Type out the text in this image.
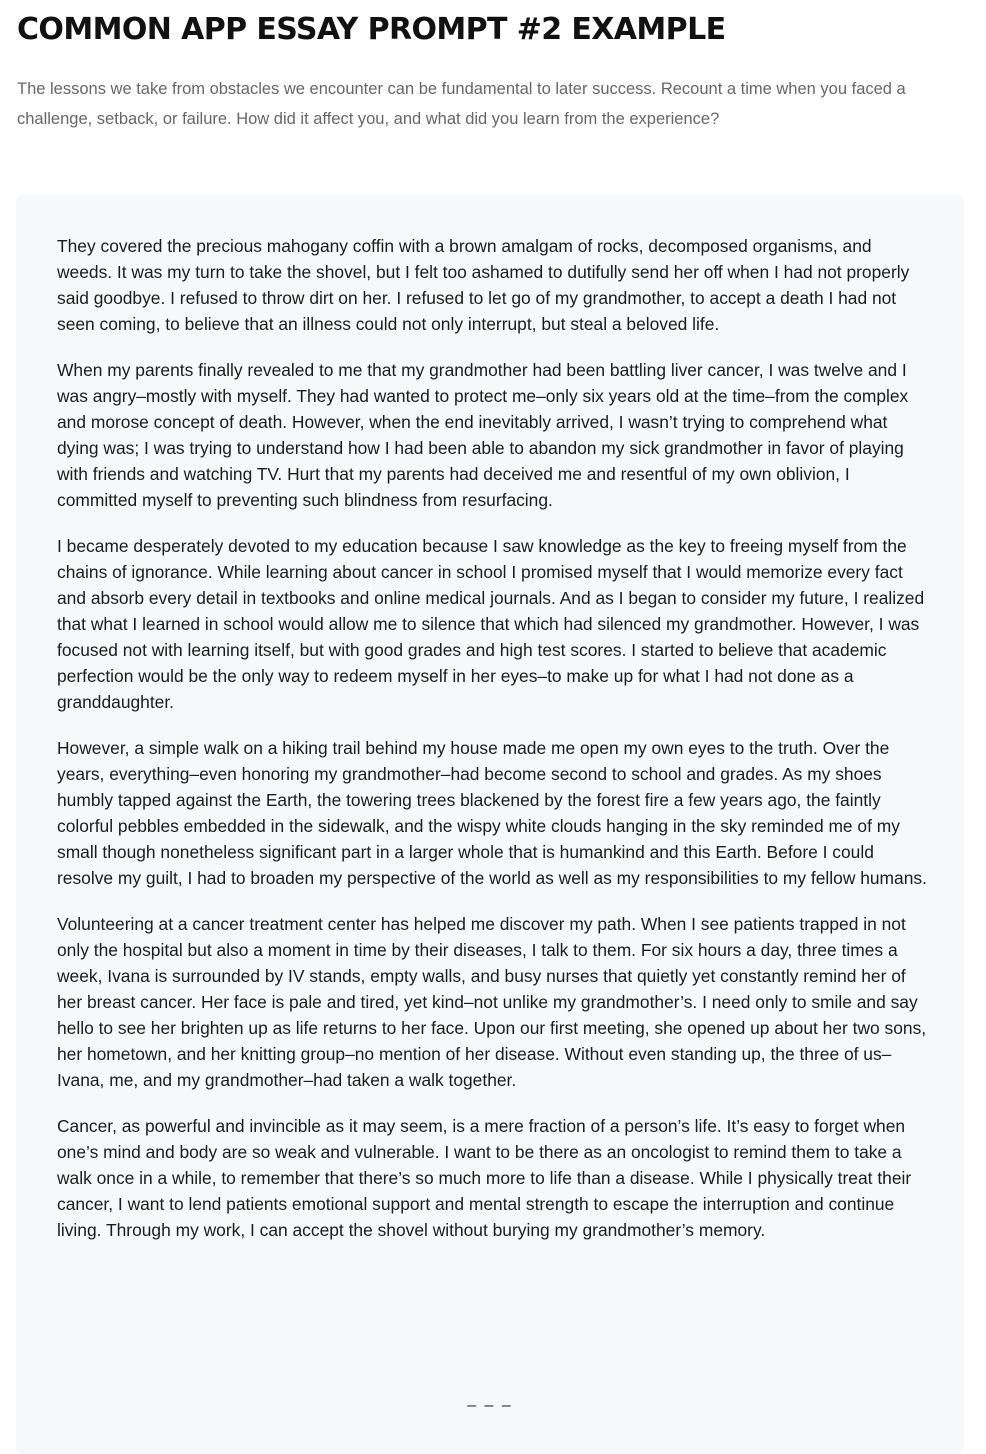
COMMON APP ESSAY PROMPT #2 EXAMPLE

The lessons we take from obstacles we encounter can be fundamental to later success. Recount a time when you faced a challenge, setback, or failure. How did it affect you, and what did you learn from the experience?

They covered the precious mahogany coffin with a brown amalgam of rocks, decomposed organisms, and weeds. It was my turn to take the shovel, but I felt too ashamed to dutifully send her off when I had not properly said goodbye. I refused to throw dirt on her. I refused to let go of my grandmother, to accept a death I had not seen coming, to believe that an illness could not only interrupt, but steal a beloved life.

When my parents finally revealed to me that my grandmother had been battling liver cancer, I was twelve and I was angry–mostly with myself. They had wanted to protect me–only six years old at the time–from the complex and morose concept of death. However, when the end inevitably arrived, I wasn’t trying to comprehend what dying was; I was trying to understand how I had been able to abandon my sick grandmother in favor of playing with friends and watching TV. Hurt that my parents had deceived me and resentful of my own oblivion, I committed myself to preventing such blindness from resurfacing.

I became desperately devoted to my education because I saw knowledge as the key to freeing myself from the chains of ignorance. While learning about cancer in school I promised myself that I would memorize every fact and absorb every detail in textbooks and online medical journals. And as I began to consider my future, I realized that what I learned in school would allow me to silence that which had silenced my grandmother. However, I was focused not with learning itself, but with good grades and high test scores. I started to believe that academic perfection would be the only way to redeem myself in her eyes–to make up for what I had not done as a granddaughter.

However, a simple walk on a hiking trail behind my house made me open my own eyes to the truth. Over the years, everything–even honoring my grandmother–had become second to school and grades. As my shoes humbly tapped against the Earth, the towering trees blackened by the forest fire a few years ago, the faintly colorful pebbles embedded in the sidewalk, and the wispy white clouds hanging in the sky reminded me of my small though nonetheless significant part in a larger whole that is humankind and this Earth. Before I could resolve my guilt, I had to broaden my perspective of the world as well as my responsibilities to my fellow humans.

Volunteering at a cancer treatment center has helped me discover my path. When I see patients trapped in not only the hospital but also a moment in time by their diseases, I talk to them. For six hours a day, three times a week, Ivana is surrounded by IV stands, empty walls, and busy nurses that quietly yet constantly remind her of her breast cancer. Her face is pale and tired, yet kind–not unlike my grandmother’s. I need only to smile and say hello to see her brighten up as life returns to her face. Upon our first meeting, she opened up about her two sons, her hometown, and her knitting group–no mention of her disease. Without even standing up, the three of us–Ivana, me, and my grandmother–had taken a walk together.

Cancer, as powerful and invincible as it may seem, is a mere fraction of a person’s life. It’s easy to forget when one’s mind and body are so weak and vulnerable. I want to be there as an oncologist to remind them to take a walk once in a while, to remember that there’s so much more to life than a disease. While I physically treat their cancer, I want to lend patients emotional support and mental strength to escape the interruption and continue living. Through my work, I can accept the shovel without burying my grandmother’s memory.

– – –
